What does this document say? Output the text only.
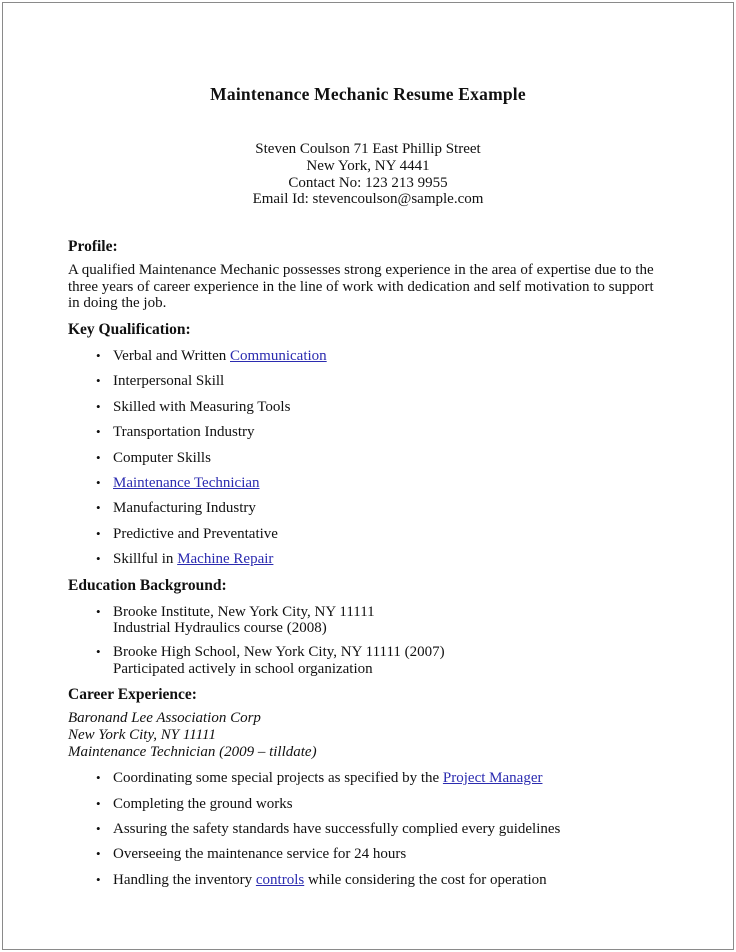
Maintenance Mechanic Resume Example
Steven Coulson 71 East Phillip Street
New York, NY 4441
Contact No: 123 213 9955
Email Id: stevencoulson@sample.com
Profile:

A qualified Maintenance Mechanic possesses strong experience in the area of expertise due to the three years of career experience in the line of work with dedication and self motivation to support in doing the job.

Key Qualification:
• Verbal and Written Communication
• Interpersonal Skill
• Skilled with Measuring Tools
• Transportation Industry
• Computer Skills
• Maintenance Technician
• Manufacturing Industry
• Predictive and Preventative
• Skillful in Machine Repair
Education Background:
• Brooke Institute, New York City, NY 11111
Industrial Hydraulics course (2008)
• Brooke High School, New York City, NY 11111 (2007)
Participated actively in school organization
Career Experience:
Baronand Lee Association Corp
New York City, NY 11111
Maintenance Technician (2009 – tilldate)
• Coordinating some special projects as specified by the Project Manager
• Completing the ground works
• Assuring the safety standards have successfully complied every guidelines
• Overseeing the maintenance service for 24 hours
• Handling the inventory controls while considering the cost for operation
